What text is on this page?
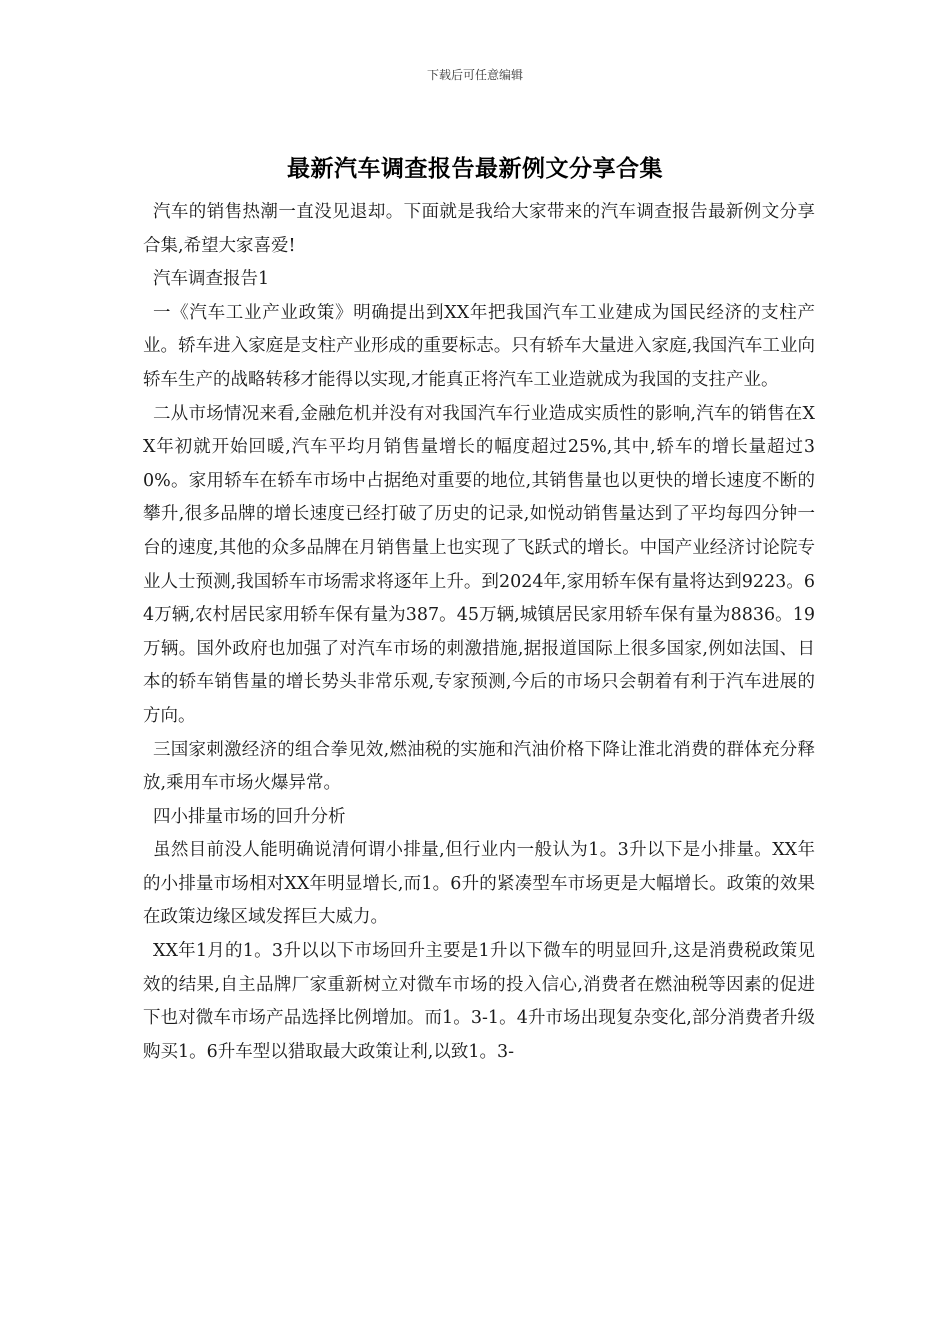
下载后可任意编辑
最新汽车调查报告最新例文分享合集

汽车的销售热潮一直没见退却。下面就是我给大家带来的汽车调查报告最新例文分享合集,希望大家喜爱!

汽车调查报告1

一《汽车工业产业政策》明确提出到XX年把我国汽车工业建成为国民经济的支柱产业。轿车进入家庭是支柱产业形成的重要标志。只有轿车大量进入家庭,我国汽车工业向轿车生产的战略转移才能得以实现,才能真正将汽车工业造就成为我国的支拄产业。

二从市场情况来看,金融危机并没有对我国汽车行业造成实质性的影响,汽车的销售在XX年初就开始回暖,汽车平均月销售量增长的幅度超过25%,其中,轿车的增长量超过30%。家用轿车在轿车市场中占据绝对重要的地位,其销售量也以更快的增长速度不断的攀升,很多品牌的增长速度已经打破了历史的记录,如悦动销售量达到了平均每四分钟一台的速度,其他的众多品牌在月销售量上也实现了飞跃式的增长。中国产业经济讨论院专业人士预测,我国轿车市场需求将逐年上升。到2024年,家用轿车保有量将达到9223。64万辆,农村居民家用轿车保有量为387。45万辆,城镇居民家用轿车保有量为8836。19万辆。国外政府也加强了对汽车市场的刺激措施,据报道国际上很多国家,例如法国、日本的轿车销售量的增长势头非常乐观,专家预测,今后的市场只会朝着有利于汽车进展的方向。

三国家刺激经济的组合拳见效,燃油税的实施和汽油价格下降让淮北消费的群体充分释放,乘用车市场火爆异常。

四小排量市场的回升分析

虽然目前没人能明确说清何谓小排量,但行业内一般认为1。3升以下是小排量。XX年的小排量市场相对XX年明显增长,而1。6升的紧凑型车市场更是大幅增长。政策的效果在政策边缘区域发挥巨大威力。

XX年1月的1。3升以以下市场回升主要是1升以下微车的明显回升,这是消费税政策见效的结果,自主品牌厂家重新树立对微车市场的投入信心,消费者在燃油税等因素的促进下也对微车市场产品选择比例增加。而1。3-1。4升市场出现复杂变化,部分消费者升级购买1。6升车型以猎取最大政策让利,以致1。3-
